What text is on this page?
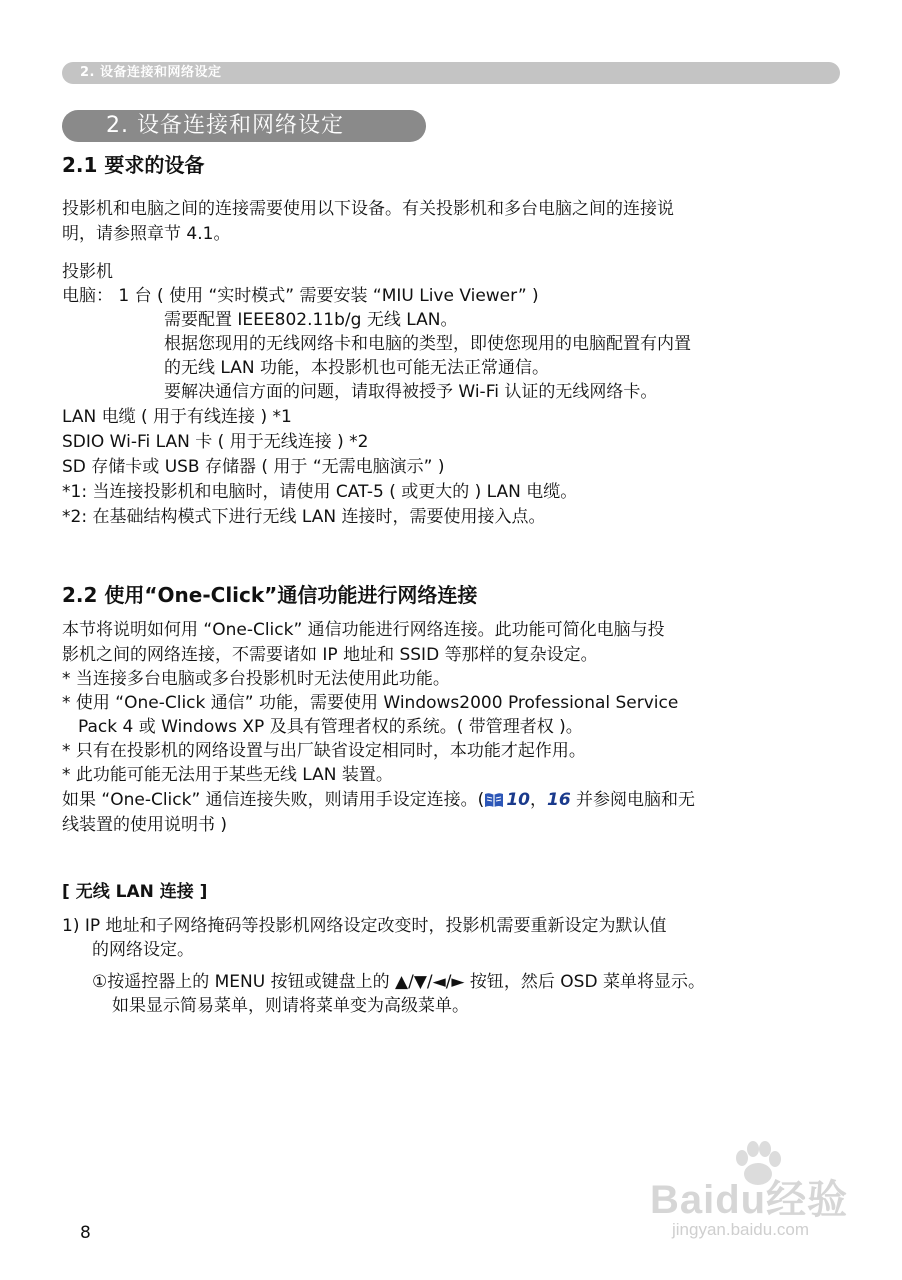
2. 设备连接和网络设定
2. 设备连接和网络设定
2.1 要求的设备
投影机和电脑之间的连接需要使用以下设备。有关投影机和多台电脑之间的连接说
明，请参照章节 4.1。
投影机
电脑： 1 台 ( 使用 “实时模式” 需要安装 “MIU Live Viewer” )
需要配置 IEEE802.11b/g 无线 LAN。
根据您现用的无线网络卡和电脑的类型，即使您现用的电脑配置有内置
的无线 LAN 功能，本投影机也可能无法正常通信。
要解决通信方面的问题，请取得被授予 Wi-Fi 认证的无线网络卡。
LAN 电缆 ( 用于有线连接 ) *1
SDIO Wi-Fi LAN 卡 ( 用于无线连接 ) *2
SD 存储卡或 USB 存储器 ( 用于 “无需电脑演示” )
*1: 当连接投影机和电脑时，请使用 CAT-5 ( 或更大的 ) LAN 电缆。
*2: 在基础结构模式下进行无线 LAN 连接时，需要使用接入点。
2.2 使用“One-Click”通信功能进行网络连接
本节将说明如何用 “One-Click” 通信功能进行网络连接。此功能可简化电脑与投
影机之间的网络连接，不需要诸如 IP 地址和 SSID 等那样的复杂设定。
* 当连接多台电脑或多台投影机时无法使用此功能。
* 使用 “One-Click 通信” 功能，需要使用 Windows2000 Professional Service
Pack 4 或 Windows XP 及具有管理者权的系统。( 带管理者权 )。
* 只有在投影机的网络设置与出厂缺省设定相同时，本功能才起作用。
* 此功能可能无法用于某些无线 LAN 装置。
如果 “One-Click” 通信连接失败，则请用手设定连接。( 10，16 并参阅电脑和无
线装置的使用说明书 )
[ 无线 LAN 连接 ]
1) IP 地址和子网络掩码等投影机网络设定改变时，投影机需要重新设定为默认值
的网络设定。
①按遥控器上的 MENU 按钮或键盘上的 ▲/▼/◄/► 按钮，然后 OSD 菜单将显示。
如果显示简易菜单，则请将菜单变为高级菜单。
8
Baidu经验
jingyan.baidu.com
